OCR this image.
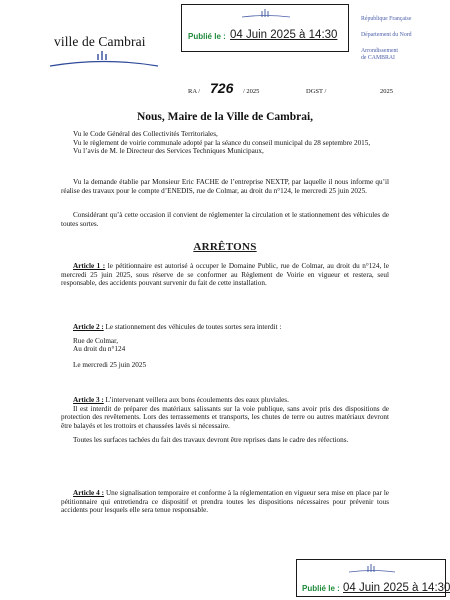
Publié le : 04 Juin 2025 à 14:30
ville de Cambrai
République Française
Département du Nord
Arrondissement
de CAMBRAI
RA / 726 / 2025	DGST /	2025
Nous, Maire de la Ville de Cambrai,

Vu le Code Général des Collectivités Territoriales,

Vu le règlement de voirie communale adopté par la séance du conseil municipal du 28 septembre 2015,

Vu l’avis de M. le Directeur des Services Techniques Municipaux,

Vu la demande établie par Monsieur Eric FACHE de l’entreprise NEXTP, par laquelle il nous informe qu’il réalise des travaux pour le compte d’ENEDIS, rue de Colmar, au droit du n°124, le mercredi 25 juin 2025.

Considérant qu’à cette occasion il convient de réglementer la circulation et le stationnement des véhicules de toutes sortes.

ARRÊTONS

Article 1 : le pétitionnaire est autorisé à occuper le Domaine Public, rue de Colmar, au droit du n°124, le mercredi 25 juin 2025, sous réserve de se conformer au Règlement de Voirie en vigueur et restera, seul responsable, des accidents pouvant survenir du fait de cette installation.

Article 2 : Le stationnement des véhicules de toutes sortes sera interdit :

Rue de Colmar,

Au droit du n°124

Le mercredi 25 juin 2025

Article 3 : L’intervenant veillera aux bons écoulements des eaux pluviales.

Il est interdit de préparer des matériaux salissants sur la voie publique, sans avoir pris des dispositions de protection des revêtements. Lors des terrassements et transports, les chutes de terre ou autres matériaux devront être balayés et les trottoirs et chaussées lavés si nécessaire.

Toutes les surfaces tachées du fait des travaux devront être reprises dans le cadre des réfections.

Article 4 : Une signalisation temporaire et conforme à la réglementation en vigueur sera mise en place par le pétitionnaire qui entretiendra ce dispositif et prendra toutes les dispositions nécessaires pour prévenir tous accidents pour lesquels elle sera tenue responsable.

Publié le : 04 Juin 2025 à 14:30
